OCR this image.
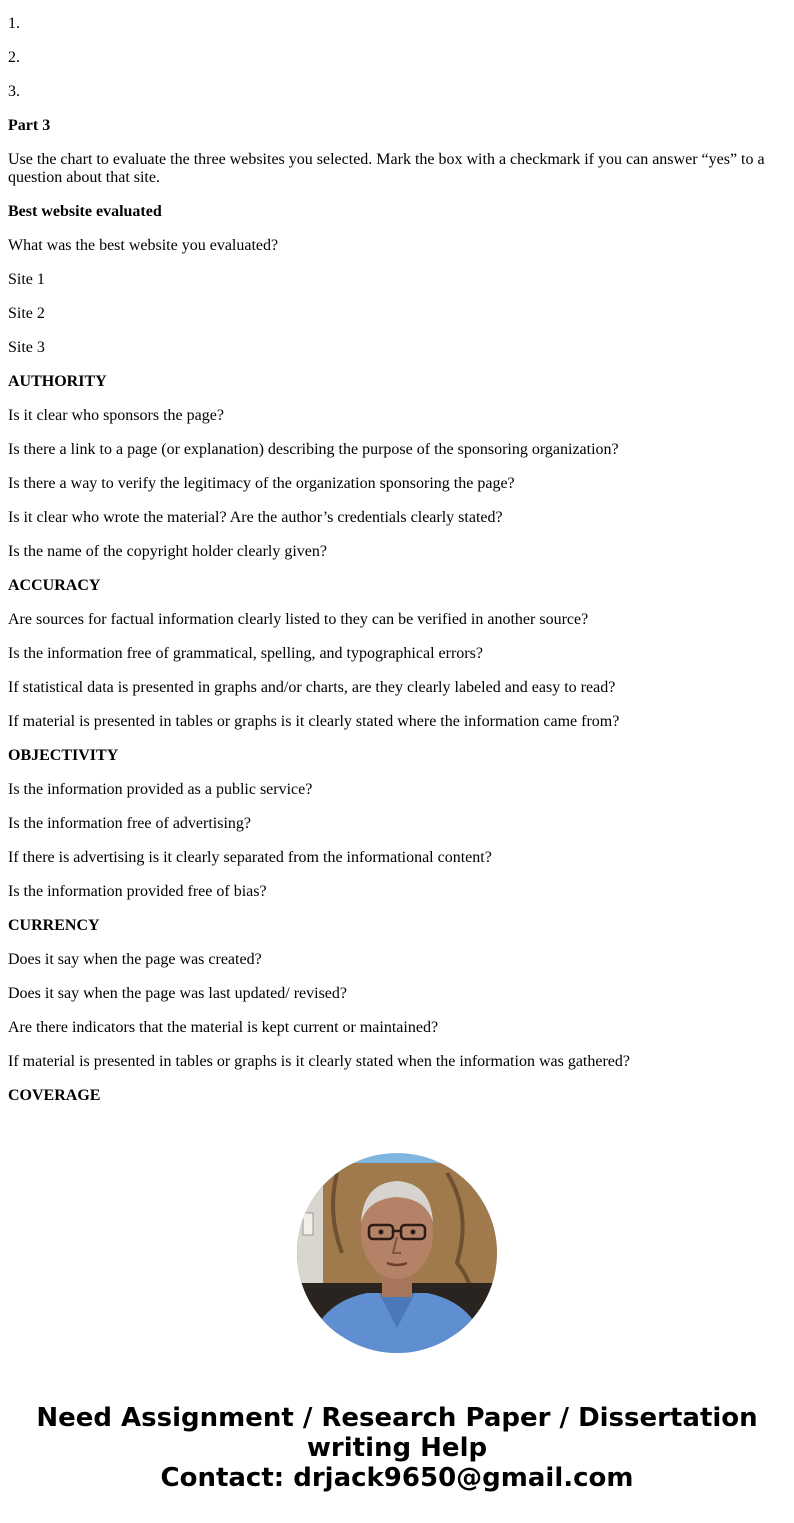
1.

2.

3.

Part 3

Use the chart to evaluate the three websites you selected. Mark the box with a checkmark if you can answer “yes” to a question about that site.

Best website evaluated

What was the best website you evaluated?

Site 1

Site 2

Site 3

AUTHORITY

Is it clear who sponsors the page?

Is there a link to a page (or explanation) describing the purpose of the sponsoring organization?

Is there a way to verify the legitimacy of the organization sponsoring the page?

Is it clear who wrote the material? Are the author’s credentials clearly stated?

Is the name of the copyright holder clearly given?

ACCURACY

Are sources for factual information clearly listed to they can be verified in another source?

Is the information free of grammatical, spelling, and typographical errors?

If statistical data is presented in graphs and/or charts, are they clearly labeled and easy to read?

If material is presented in tables or graphs is it clearly stated where the information came from?

OBJECTIVITY

Is the information provided as a public service?

Is the information free of advertising?

If there is advertising is it clearly separated from the informational content?

Is the information provided free of bias?

CURRENCY

Does it say when the page was created?

Does it say when the page was last updated/ revised?

Are there indicators that the material is kept current or maintained?

If material is presented in tables or graphs is it clearly stated when the information was gathered?

COVERAGE

Need Assignment / Research Paper / Dissertation
writing Help
Contact: drjack9650@gmail.com
